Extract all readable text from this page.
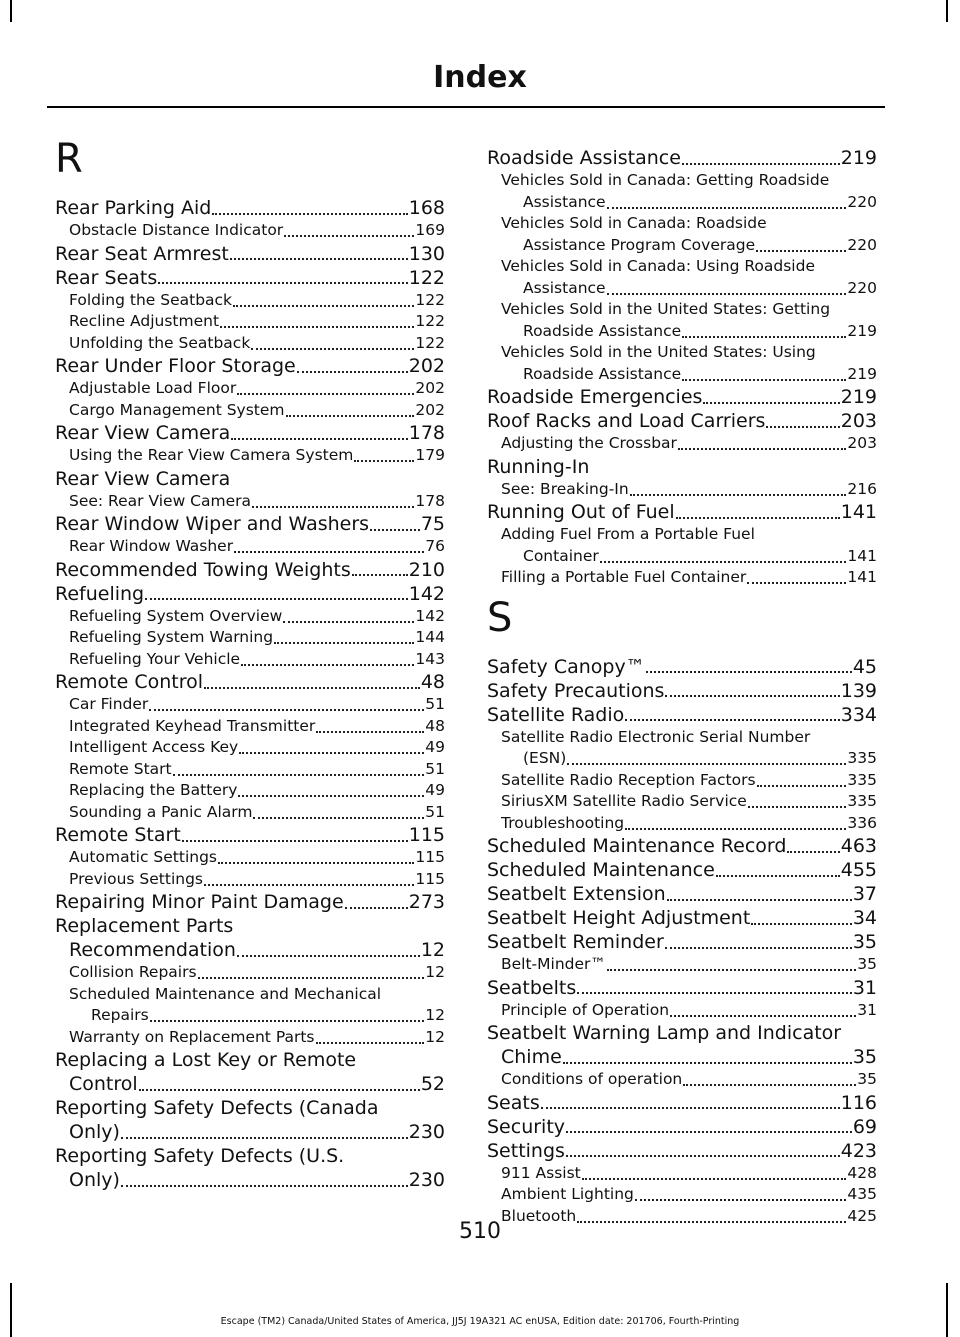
Index
R
Rear Parking Aid	168
Obstacle Distance Indicator	169
Rear Seat Armrest	130
Rear Seats	122
Folding the Seatback	122
Recline Adjustment	122
Unfolding the Seatback	122
Rear Under Floor Storage	202
Adjustable Load Floor	202
Cargo Management System	202
Rear View Camera	178
Using the Rear View Camera System	179
Rear View Camera
See: Rear View Camera	178
Rear Window Wiper and Washers	75
Rear Window Washer	76
Recommended Towing Weights	210
Refueling	142
Refueling System Overview	142
Refueling System Warning	144
Refueling Your Vehicle	143
Remote Control	48
Car Finder	51
Integrated Keyhead Transmitter	48
Intelligent Access Key	49
Remote Start	51
Replacing the Battery	49
Sounding a Panic Alarm	51
Remote Start	115
Automatic Settings	115
Previous Settings	115
Repairing Minor Paint Damage	273
Replacement Parts
Recommendation	12
Collision Repairs	12
Scheduled Maintenance and Mechanical
Repairs	12
Warranty on Replacement Parts	12
Replacing a Lost Key or Remote
Control	52
Reporting Safety Defects (Canada
Only)	230
Reporting Safety Defects (U.S.
Only)	230
Roadside Assistance	219
Vehicles Sold in Canada: Getting Roadside
Assistance	220
Vehicles Sold in Canada: Roadside
Assistance Program Coverage	220
Vehicles Sold in Canada: Using Roadside
Assistance	220
Vehicles Sold in the United States: Getting
Roadside Assistance	219
Vehicles Sold in the United States: Using
Roadside Assistance	219
Roadside Emergencies	219
Roof Racks and Load Carriers	203
Adjusting the Crossbar	203
Running-In
See: Breaking-In	216
Running Out of Fuel	141
Adding Fuel From a Portable Fuel
Container	141
Filling a Portable Fuel Container	141
S
Safety Canopy™	45
Safety Precautions	139
Satellite Radio	334
Satellite Radio Electronic Serial Number
(ESN)	335
Satellite Radio Reception Factors	335
SiriusXM Satellite Radio Service	335
Troubleshooting	336
Scheduled Maintenance Record	463
Scheduled Maintenance	455
Seatbelt Extension	37
Seatbelt Height Adjustment	34
Seatbelt Reminder	35
Belt-Minder™	35
Seatbelts	31
Principle of Operation	31
Seatbelt Warning Lamp and Indicator
Chime	35
Conditions of operation	35
Seats	116
Security	69
Settings	423
911 Assist	428
Ambient Lighting	435
Bluetooth	425
510
Escape (TM2) Canada/United States of America, JJ5J 19A321 AC enUSA, Edition date: 201706, Fourth-Printing
